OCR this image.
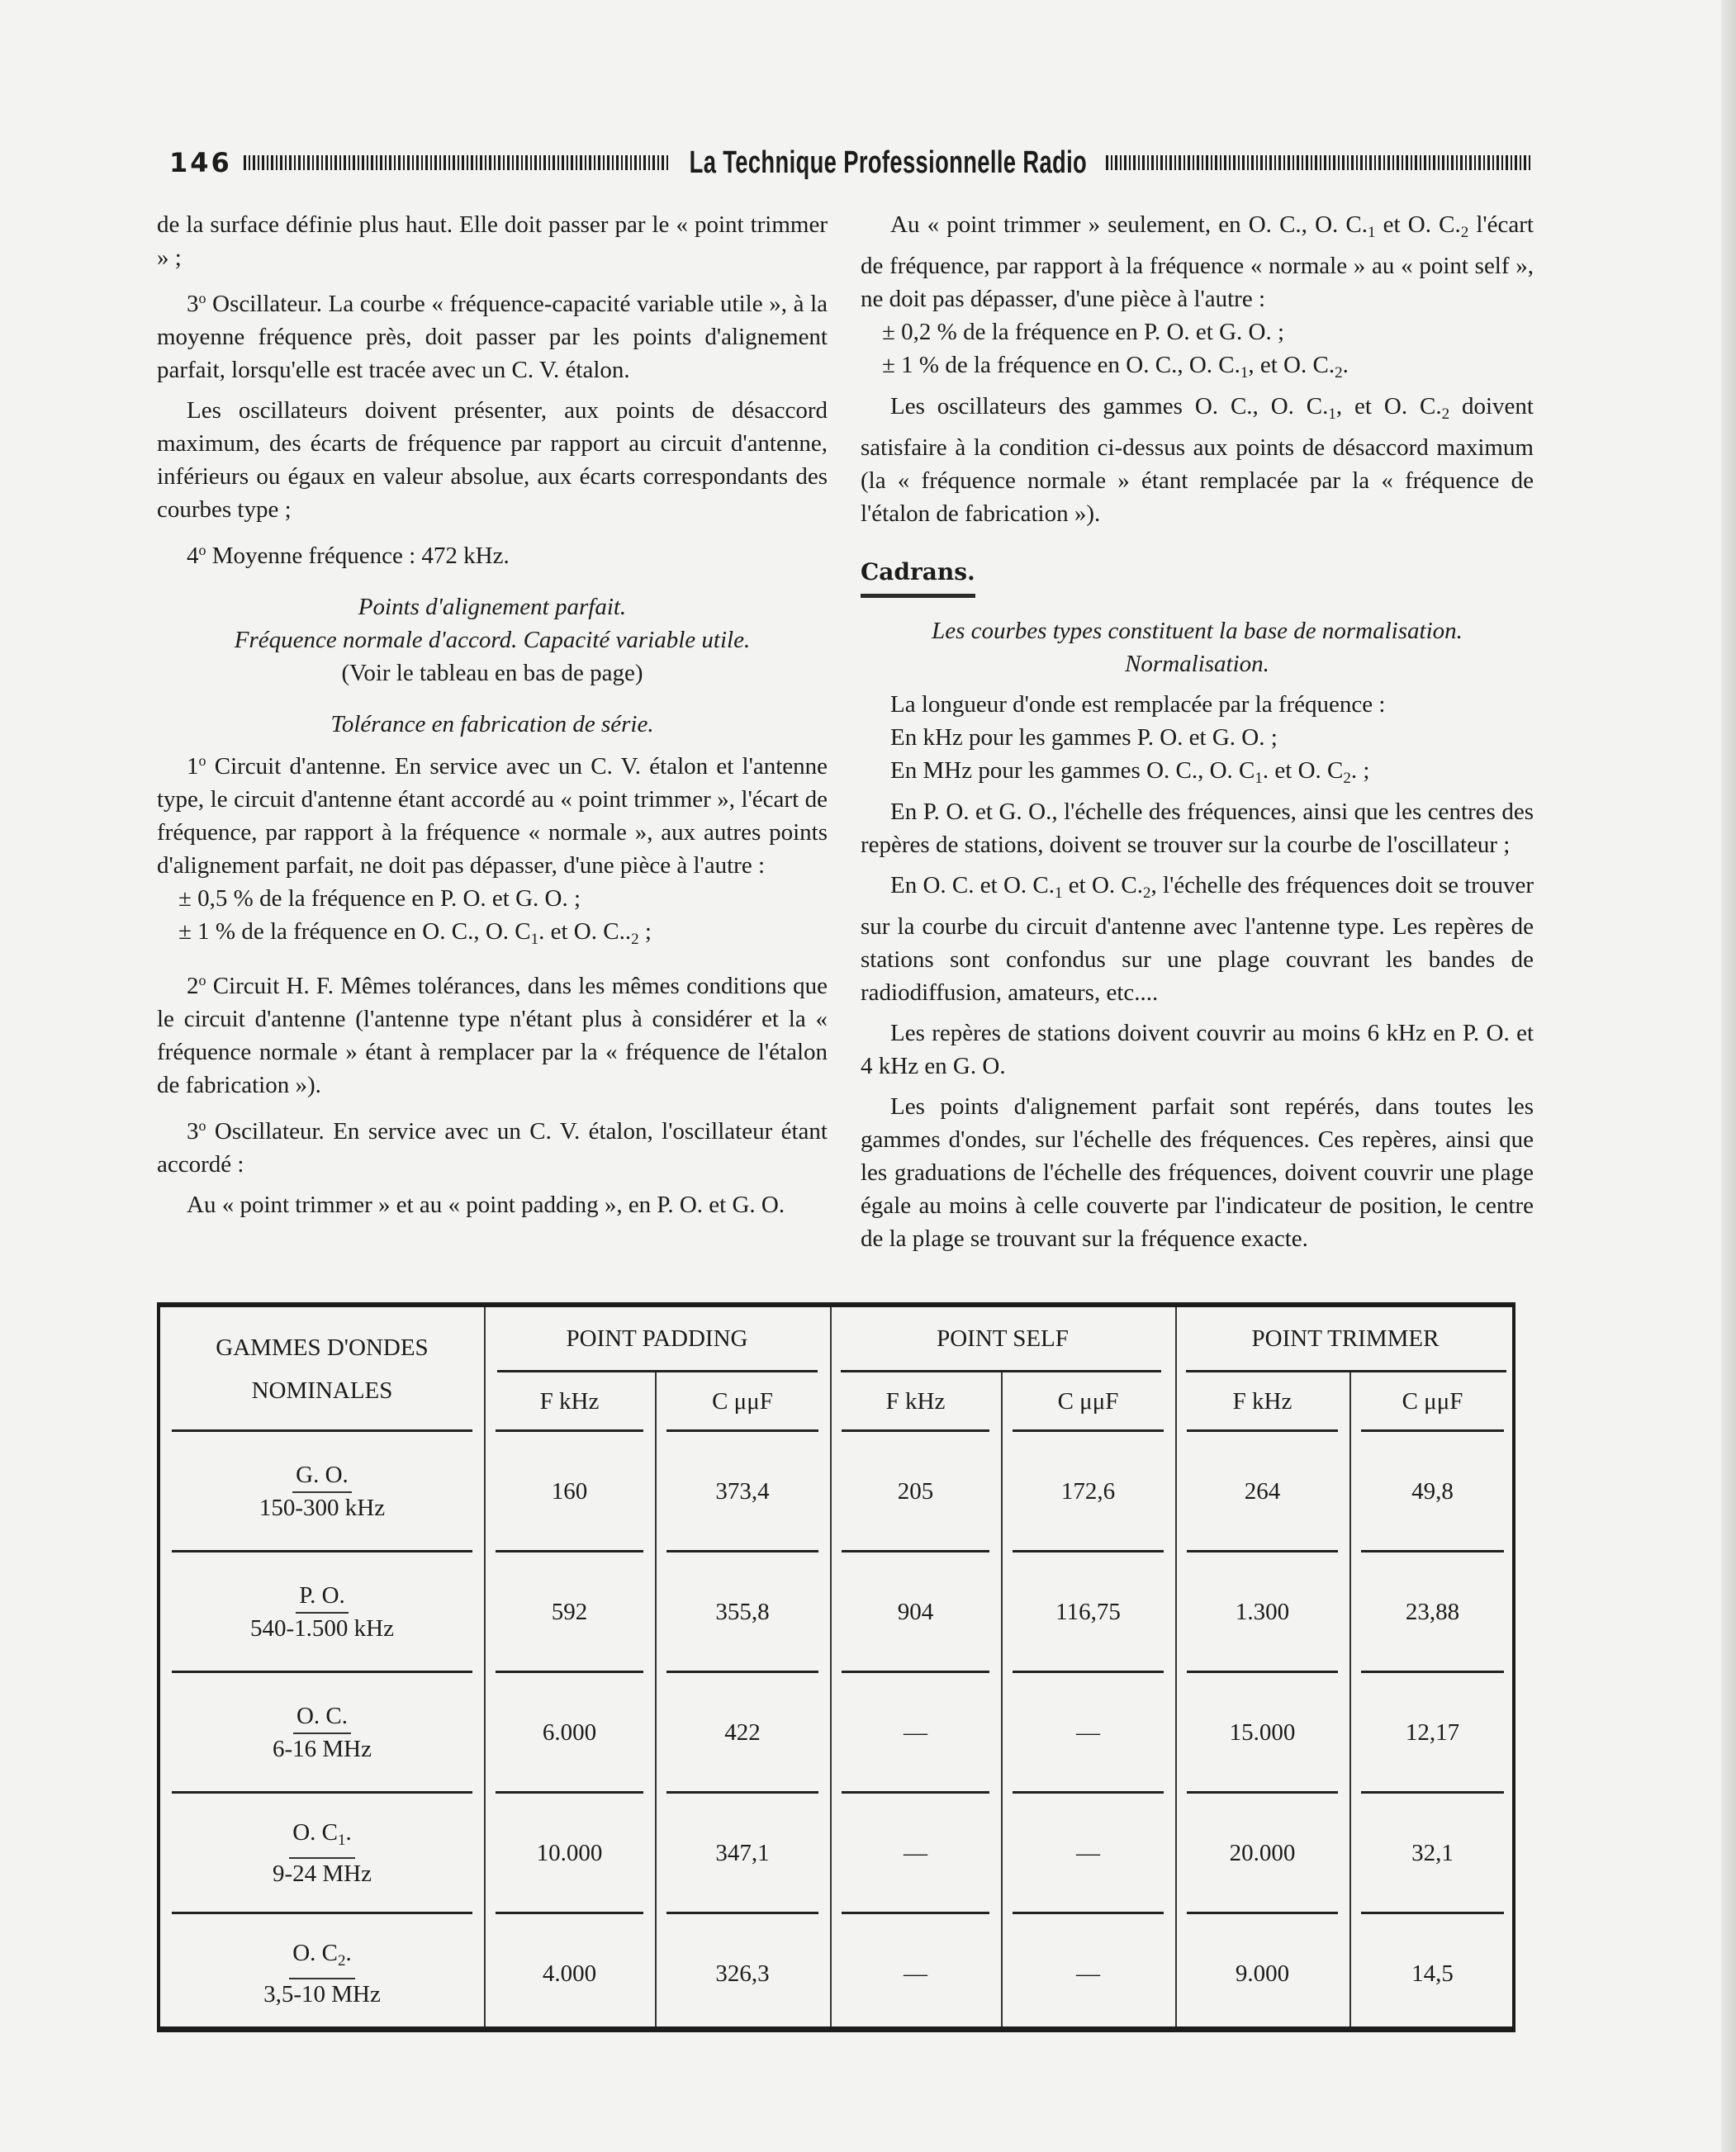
146	La Technique Professionnelle Radio

de la surface définie plus haut. Elle doit passer par le « point trimmer » ;

3$^o$ Oscillateur. La courbe « fréquence-capacité variable utile », à la moyenne fréquence près, doit passer par les points d'alignement parfait, lorsqu'elle est tracée avec un C. V. étalon.

Les oscillateurs doivent présenter, aux points de désaccord maximum, des écarts de fréquence par rapport au circuit d'antenne, inférieurs ou égaux en valeur absolue, aux écarts correspondants des courbes type ;

4$^o$ Moyenne fréquence : 472 kHz.

Points d'alignement parfait.

Fréquence normale d'accord. Capacité variable utile.

(Voir le tableau en bas de page)

Tolérance en fabrication de série.

1$^o$ Circuit d'antenne. En service avec un C. V. étalon et l'antenne type, le circuit d'antenne étant accordé au « point trimmer », l'écart de fréquence, par rapport à la fréquence « normale », aux autres points d'alignement parfait, ne doit pas dépasser, d'une pièce à l'autre :

± 0,5 % de la fréquence en P. O. et G. O. ;

± 1 % de la fréquence en O. C., O. $C_1$. et O. $C.._2$ ;

2$^o$ Circuit H. F. Mêmes tolérances, dans les mêmes conditions que le circuit d'antenne (l'antenne type n'étant plus à considérer et la « fréquence normale » étant à remplacer par la « fréquence de l'étalon de fabrication »).

3$^o$ Oscillateur. En service avec un C. V. étalon, l'oscillateur étant accordé :

Au « point trimmer » et au « point padding », en P. O. et G. O.

Au « point trimmer » seulement, en O. C., O. $C._1$ et O. $C._2$ l'écart de fréquence, par rapport à la fréquence « normale » au « point self », ne doit pas dépasser, d'une pièce à l'autre :

± 0,2 % de la fréquence en P. O. et G. O. ;

± 1 % de la fréquence en O. C., O. $C._1$, et O. $C._2$.

Les oscillateurs des gammes O. C., O. $C._1$, et O. $C._2$ doivent satisfaire à la condition ci-dessus aux points de désaccord maximum (la « fréquence normale » étant remplacée par la « fréquence de l'étalon de fabrication »).

Cadrans.

Les courbes types constituent la base de normalisation.

Normalisation.

La longueur d'onde est remplacée par la fréquence :

En kHz pour les gammes P. O. et G. O. ;

En MHz pour les gammes O. C., O. $C_1$. et O. $C_2$. ;

En P. O. et G. O., l'échelle des fréquences, ainsi que les centres des repères de stations, doivent se trouver sur la courbe de l'oscillateur ;

En O. C. et O. $C._1$ et O. $C._2$, l'échelle des fréquences doit se trouver sur la courbe du circuit d'antenne avec l'antenne type. Les repères de stations sont confondus sur une plage couvrant les bandes de radiodiffusion, amateurs, etc....

Les repères de stations doivent couvrir au moins 6 kHz en P. O. et 4 kHz en G. O.

Les points d'alignement parfait sont repérés, dans toutes les gammes d'ondes, sur l'échelle des fréquences. Ces repères, ainsi que les graduations de l'échelle des fréquences, doivent couvrir une plage égale au moins à celle couverte par l'indicateur de position, le centre de la plage se trouvant sur la fréquence exacte.

GAMMES D'ONDES
NOMINALES
POINT PADDING	POINT SELF	POINT TRIMMER
F kHz	C μμF	F kHz	C μμF	F kHz	C μμF
G. O.
150-300 kHz
160	373,4	205	172,6	264	49,8
P. O.
540-1.500 kHz
592	355,8	904	116,75	1.300	23,88
O. C.
6-16 MHz
6.000	422	—	—	15.000	12,17
O. $C_1$.
9-24 MHz
10.000	347,1	—	—	20.000	32,1
O. $C_2$.
3,5-10 MHz
4.000	326,3	—	—	9.000	14,5
